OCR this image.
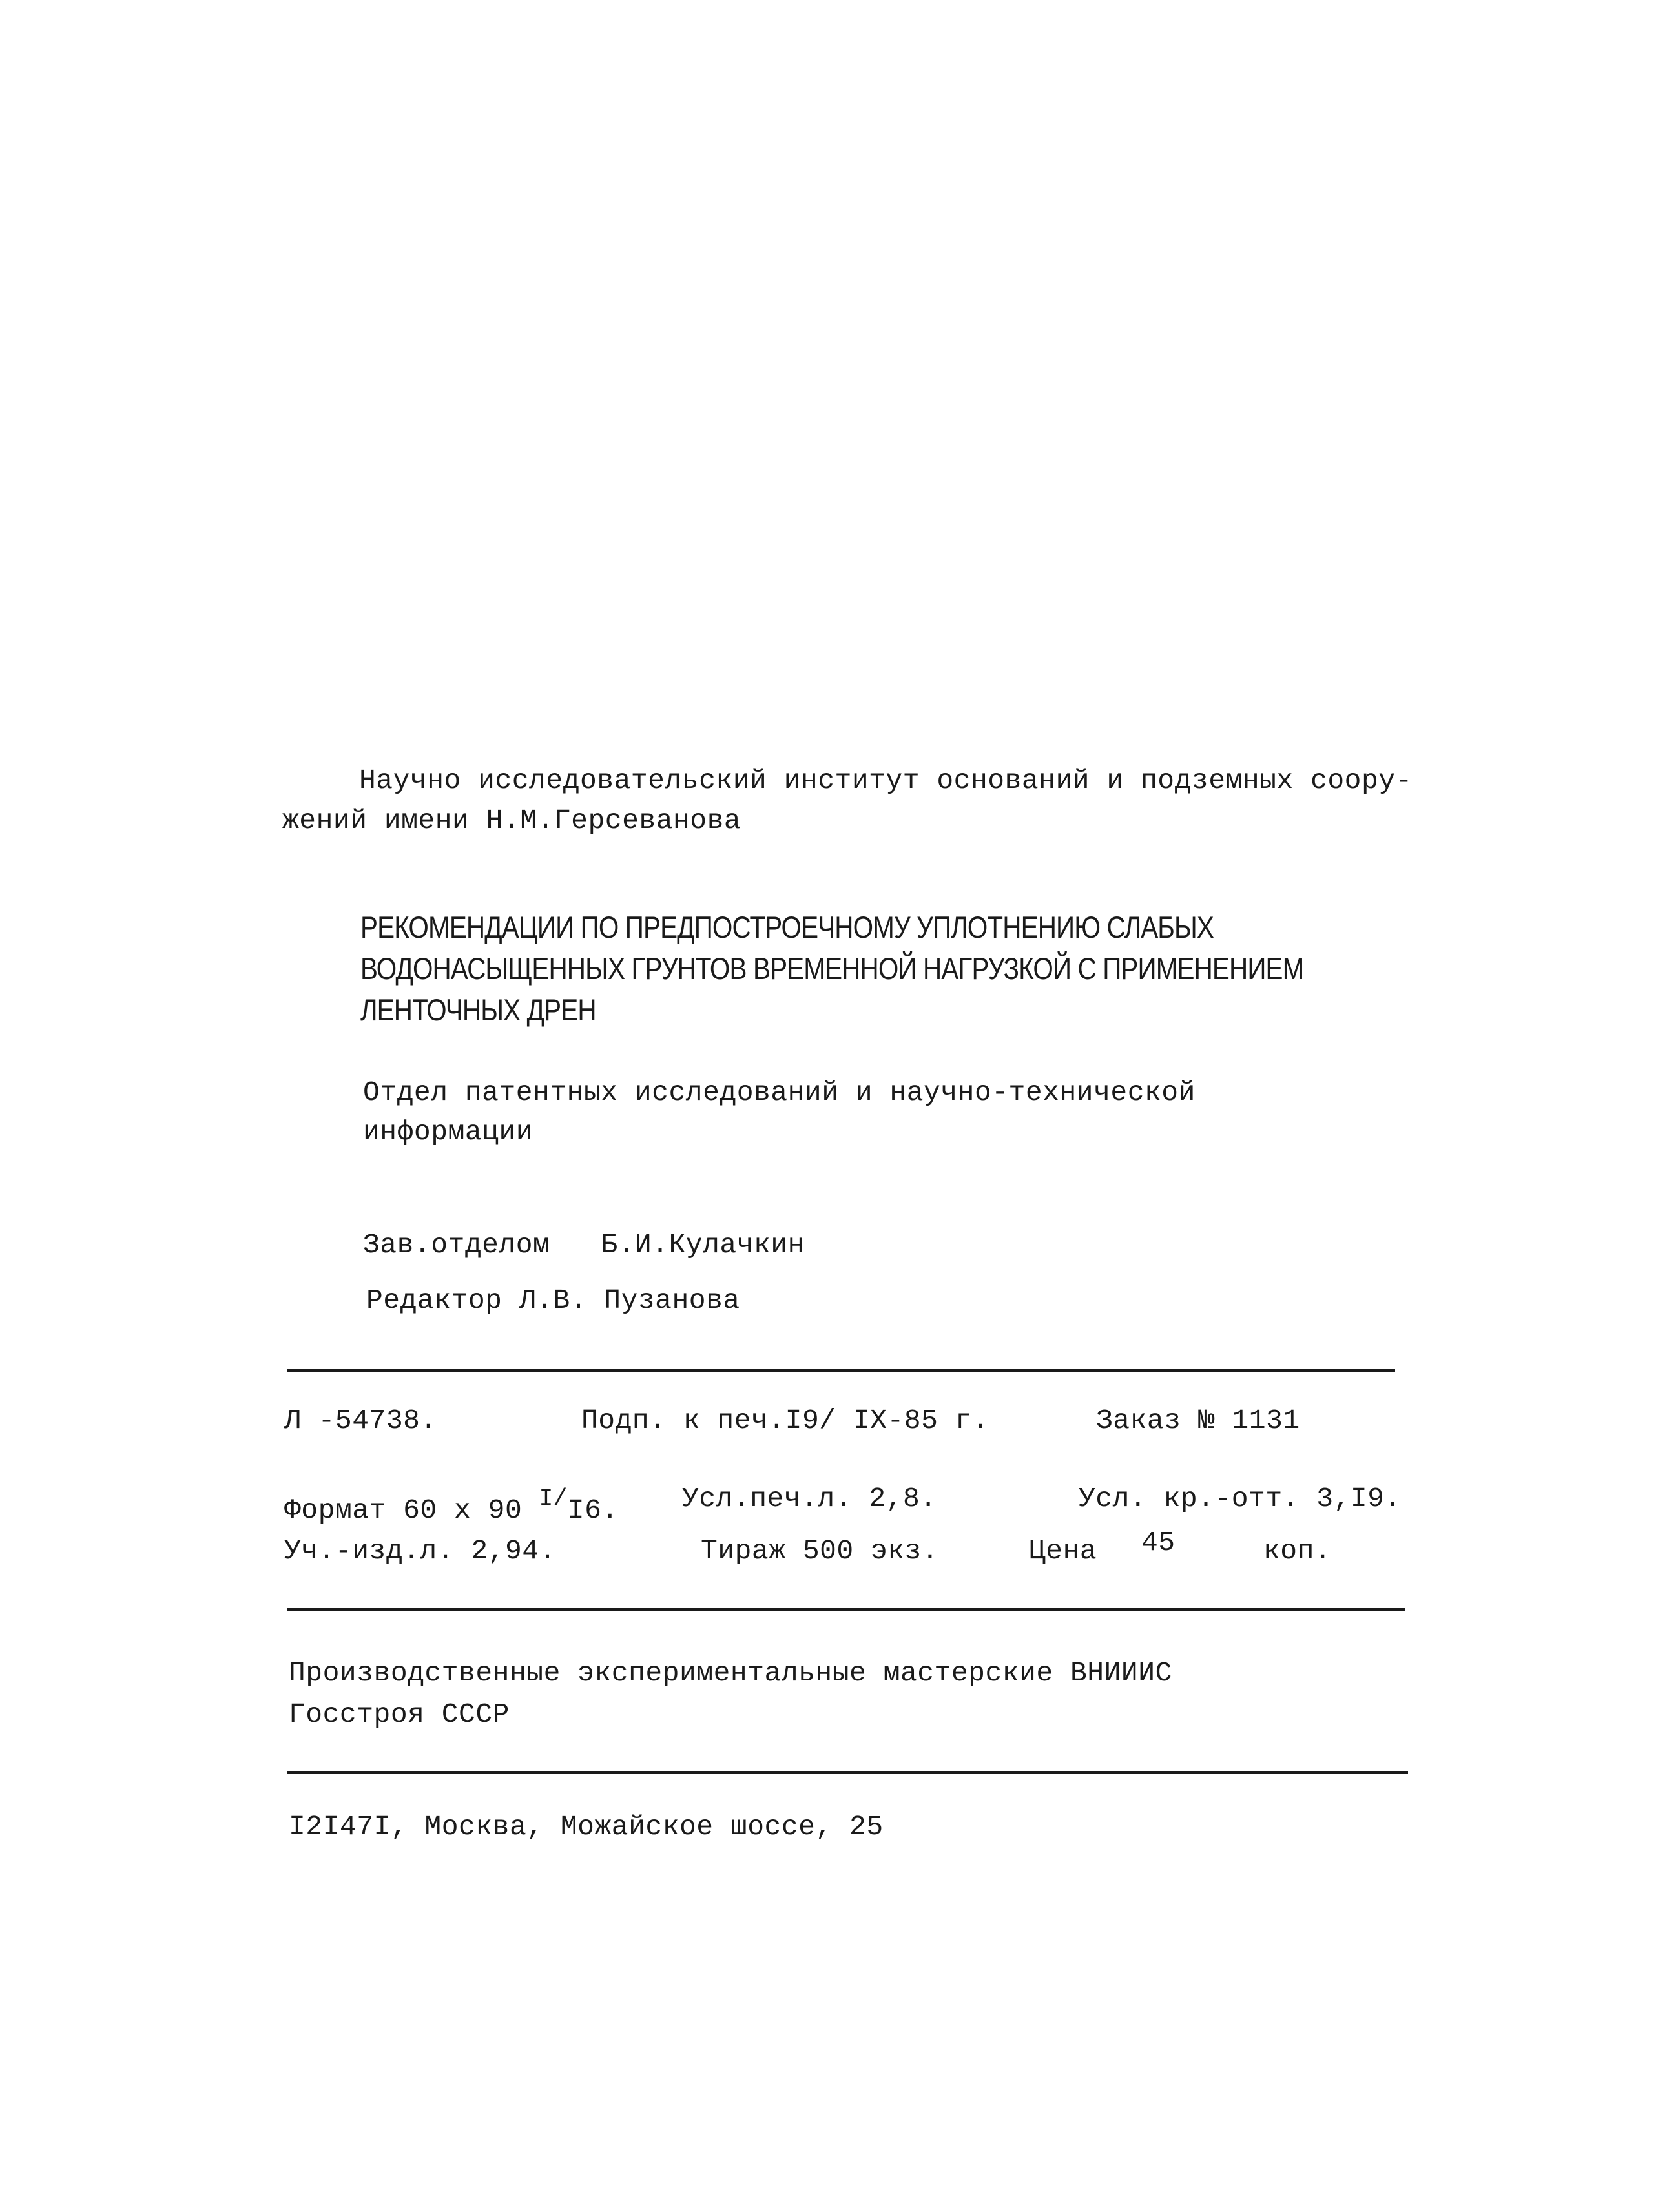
Научно исследовательский институт оснований и подземных соору-
жений имени Н.М.Герсеванова
РЕКОМЕНДАЦИИ ПО ПРЕДПОСТРОЕЧНОМУ УПЛОТНЕНИЮ СЛАБЫХ
ВОДОНАСЫЩЕННЫХ ГРУНТОВ ВРЕМЕННОЙ НАГРУЗКОЙ С ПРИМЕНЕНИЕМ
ЛЕНТОЧНЫХ ДРЕН
Отдел патентных исследований и научно-технической
информации
Зав.отделом   Б.И.Кулачкин
Редактор Л.В. Пузанова
Л -54738.	Подп. к печ.I9/ IX-85 г.	Заказ № 1131
Формат 60 х 90 $^{I/}$I6. Усл.печ.л. 2,8.	Усл. кр.-отт. 3,I9.
Уч.-изд.л. 2,94.	Тираж 500 экз.	Цена 45	коп.
Производственные экспериментальные мастерские ВНИИИС
Госстроя СССР
I2I47I, Москва, Можайское шоссе, 25
